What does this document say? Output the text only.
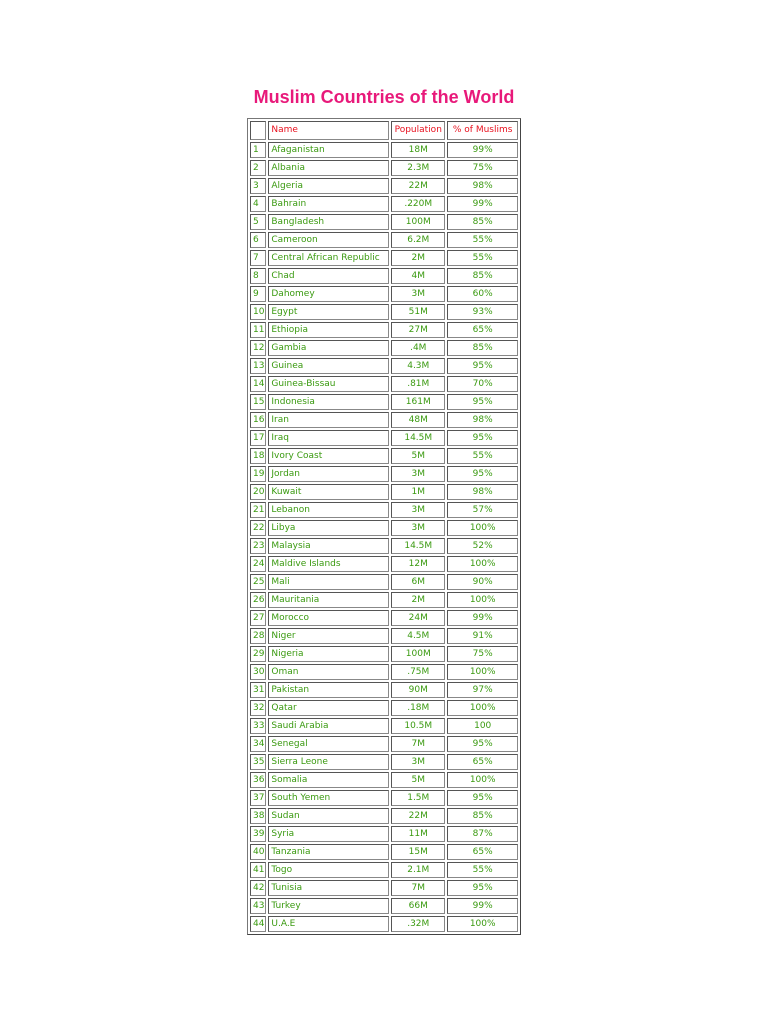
Muslim Countries of the World
	Name	Population	% of Muslims
1	Afaganistan	18M	99%
2	Albania	2.3M	75%
3	Algeria	22M	98%
4	Bahrain	.220M	99%
5	Bangladesh	100M	85%
6	Cameroon	6.2M	55%
7	Central African Republic	2M	55%
8	Chad	4M	85%
9	Dahomey	3M	60%
10	Egypt	51M	93%
11	Ethiopia	27M	65%
12	Gambia	.4M	85%
13	Guinea	4.3M	95%
14	Guinea-Bissau	.81M	70%
15	Indonesia	161M	95%
16	Iran	48M	98%
17	Iraq	14.5M	95%
18	Ivory Coast	5M	55%
19	Jordan	3M	95%
20	Kuwait	1M	98%
21	Lebanon	3M	57%
22	Libya	3M	100%
23	Malaysia	14.5M	52%
24	Maldive Islands	12M	100%
25	Mali	6M	90%
26	Mauritania	2M	100%
27	Morocco	24M	99%
28	Niger	4.5M	91%
29	Nigeria	100M	75%
30	Oman	.75M	100%
31	Pakistan	90M	97%
32	Qatar	.18M	100%
33	Saudi Arabia	10.5M	100
34	Senegal	7M	95%
35	Sierra Leone	3M	65%
36	Somalia	5M	100%
37	South Yemen	1.5M	95%
38	Sudan	22M	85%
39	Syria	11M	87%
40	Tanzania	15M	65%
41	Togo	2.1M	55%
42	Tunisia	7M	95%
43	Turkey	66M	99%
44	U.A.E	.32M	100%
